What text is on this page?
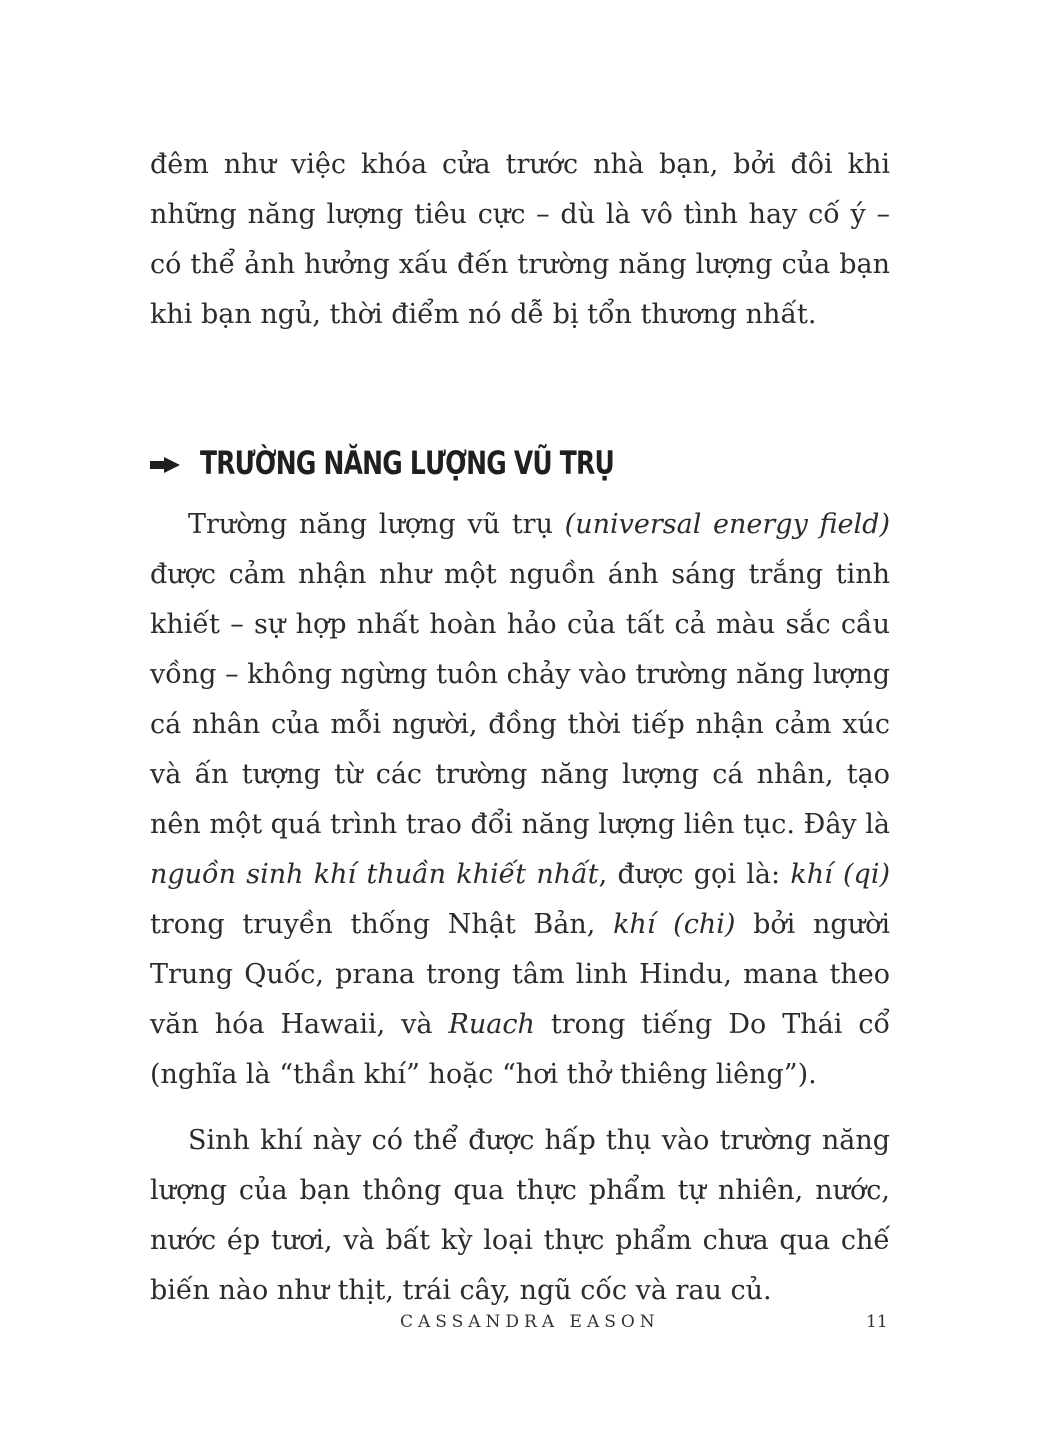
đêm như việc khóa cửa trước nhà bạn, bởi đôi khi những năng lượng tiêu cực – dù là vô tình hay cố ý – có thể ảnh hưởng xấu đến trường năng lượng của bạn khi bạn ngủ, thời điểm nó dễ bị tổn thương nhất.

TRƯỜNG NĂNG LƯỢNG VŨ TRỤ

Trường năng lượng vũ trụ (universal energy field) được cảm nhận như một nguồn ánh sáng trắng tinh khiết – sự hợp nhất hoàn hảo của tất cả màu sắc cầu vồng – không ngừng tuôn chảy vào trường năng lượng cá nhân của mỗi người, đồng thời tiếp nhận cảm xúc và ấn tượng từ các trường năng lượng cá nhân, tạo nên một quá trình trao đổi năng lượng liên tục. Đây là nguồn sinh khí thuần khiết nhất, được gọi là: khí (qi) trong truyền thống Nhật Bản, khí (chi) bởi người Trung Quốc, prana trong tâm linh Hindu, mana theo văn hóa Hawaii, và Ruach trong tiếng Do Thái cổ (nghĩa là “thần khí” hoặc “hơi thở thiêng liêng”).

Sinh khí này có thể được hấp thụ vào trường năng lượng của bạn thông qua thực phẩm tự nhiên, nước, nước ép tươi, và bất kỳ loại thực phẩm chưa qua chế biến nào như thịt, trái cây, ngũ cốc và rau củ.

CASSANDRA EASON	11
